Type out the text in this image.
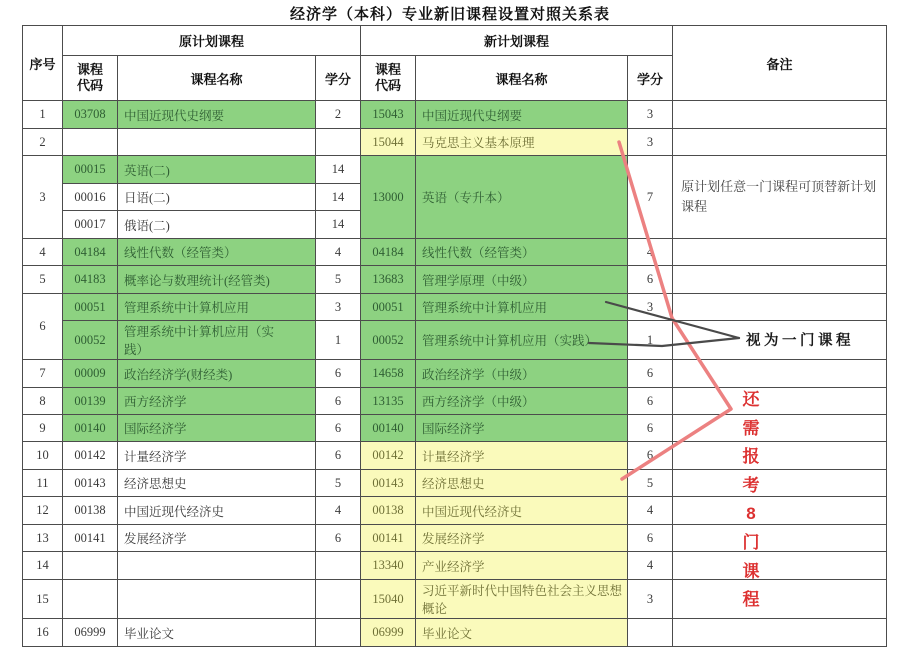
经济学（本科）专业新旧课程设置对照关系表
序号	原计划课程			新计划课程			备注
	课程代码	课程名称	学分	课程代码	课程名称	学分	
1	03708	中国近现代史纲要	2	15043	中国近现代史纲要	3	
2				15044	马克思主义基本原理	3	
3	00015	英语(二)	14	13000	英语（专升本）	7	原计划任意一门课程可顶替新计划课程

	00016	日语(二)	14				
	00017	俄语(二)	14				
4	04184	线性代数（经管类）	4	04184	线性代数（经管类）	4	
5	04183	概率论与数理统计(经管类)	5	13683	管理学原理（中级）	6	
6	00051	管理系统中计算机应用	3	00051	管理系统中计算机应用	3	
	00052	管理系统中计算机应用（实践）	1	00052	管理系统中计算机应用（实践）	1	
7	00009	政治经济学(财经类)	6	14658	政治经济学（中级）	6	
8	00139	西方经济学	6	13135	西方经济学（中级）	6	
9	00140	国际经济学	6	00140	国际经济学	6	
10	00142	计量经济学	6	00142	计量经济学	6	
11	00143	经济思想史	5	00143	经济思想史	5	
12	00138	中国近现代经济史	4	00138	中国近现代经济史	4	
13	00141	发展经济学	6	00141	发展经济学	6	
14				13340	产业经济学	4	
15				15040	习近平新时代中国特色社会主义思想概论	3	
16	06999	毕业论文		06999	毕业论文		
视为一门课程
还
需
报
考
8
门
课
程
